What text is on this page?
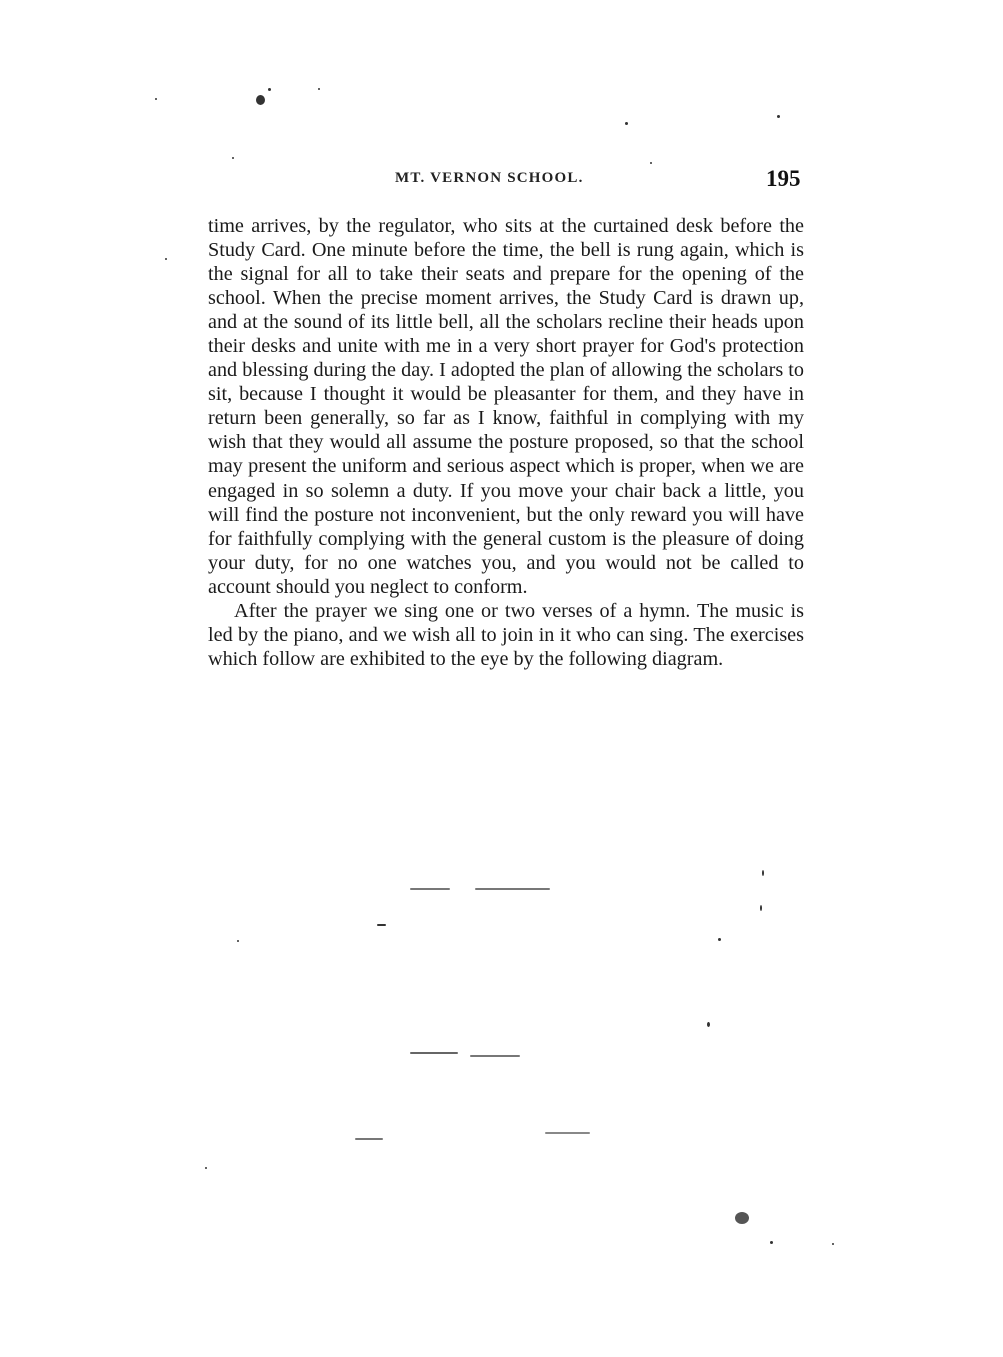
MT. VERNON SCHOOL.	195

time arrives, by the regulator, who sits at the curtained desk before the Study Card. One minute before the time, the bell is rung again, which is the signal for all to take their seats and prepare for the opening of the school. When the precise moment arrives, the Study Card is drawn up, and at the sound of its little bell, all the scholars recline their heads upon their desks and unite with me in a very short prayer for God's protection and blessing during the day. I adopted the plan of allowing the scholars to sit, because I thought it would be pleasanter for them, and they have in return been generally, so far as I know, faithful in complying with my wish that they would all assume the posture proposed, so that the school may present the uniform and serious aspect which is proper, when we are engaged in so solemn a duty. If you move your chair back a little, you will find the posture not inconvenient, but the only reward you will have for faithfully complying with the general custom is the pleasure of doing your duty, for no one watches you, and you would not be called to account should you neglect to conform.

After the prayer we sing one or two verses of a hymn. The music is led by the piano, and we wish all to join in it who can sing. The exercises which follow are exhibited to the eye by the following diagram.
